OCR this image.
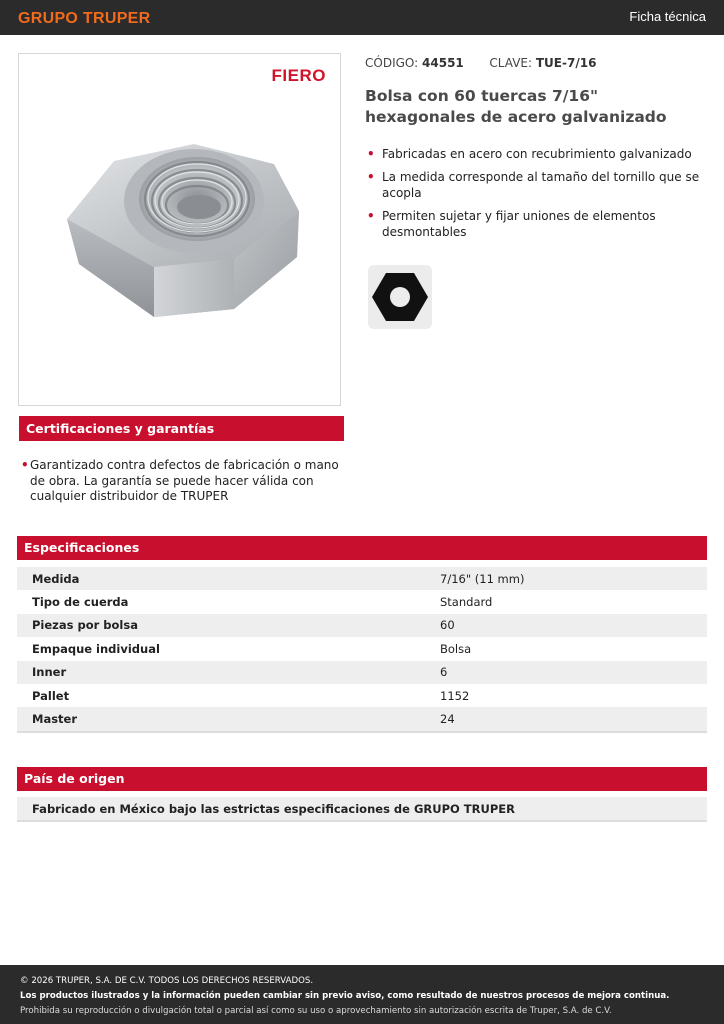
GRUPO TRUPER	Ficha técnica
FIERO
CÓDIGO: 44551 CLAVE: TUE-7/16
Bolsa con 60 tuercas 7/16" hexagonales de acero galvanizado
• Fabricadas en acero con recubrimiento galvanizado
• La medida corresponde al tamaño del tornillo que se acopla
• Permiten sujetar y fijar uniones de elementos desmontables
Certificaciones y garantías
• Garantizado contra defectos de fabricación o mano de obra. La garantía se puede hacer válida con cualquier distribuidor de TRUPER
Especificaciones
Medida	7/16" (11 mm)
Tipo de cuerda	Standard
Piezas por bolsa	60
Empaque individual	Bolsa
Inner	6
Pallet	1152
Master	24
País de origen
Fabricado en México bajo las estrictas especificaciones de GRUPO TRUPER
© 2026 TRUPER, S.A. DE C.V. TODOS LOS DERECHOS RESERVADOS.
Los productos ilustrados y la información pueden cambiar sin previo aviso, como resultado de nuestros procesos de mejora continua.
Prohibida su reproducción o divulgación total o parcial así como su uso o aprovechamiento sin autorización escrita de Truper, S.A. de C.V.
